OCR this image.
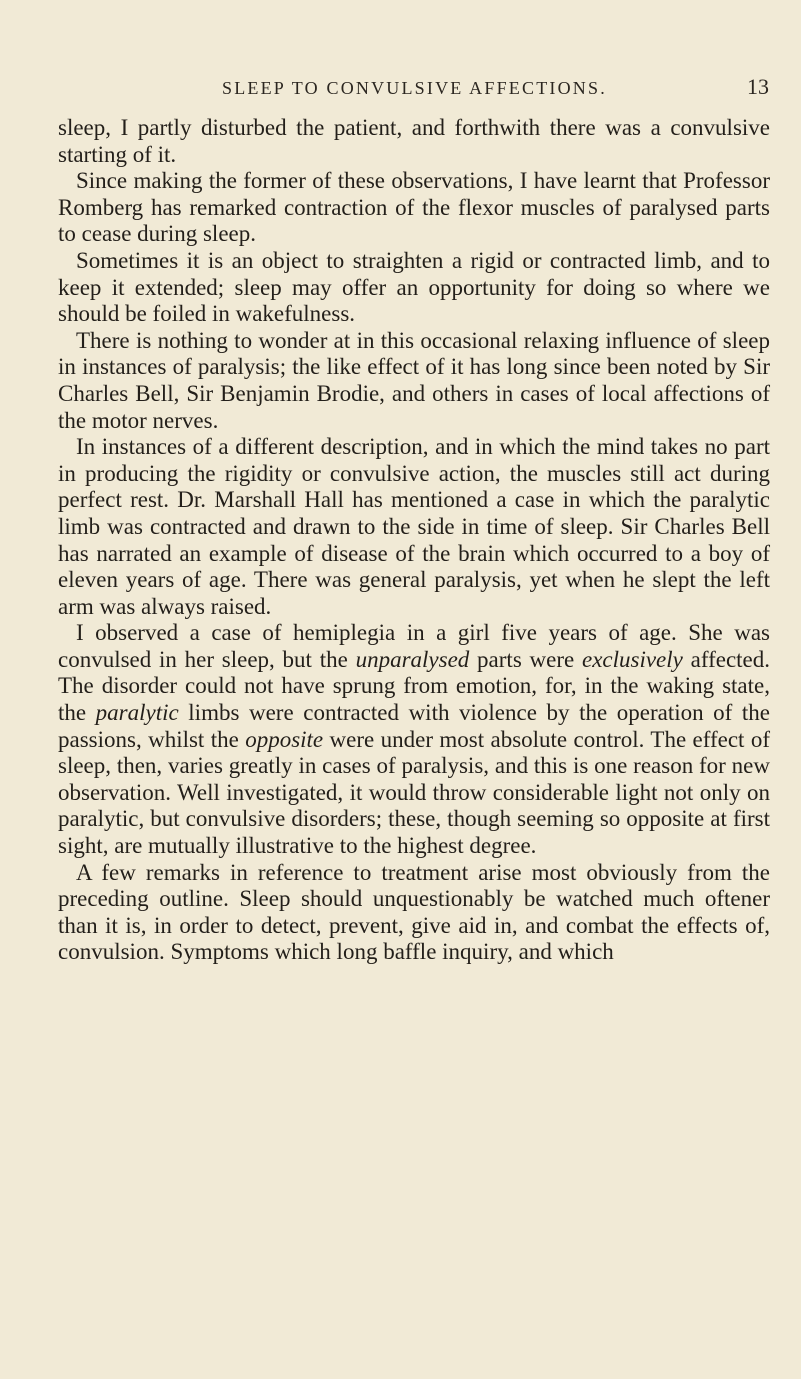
SLEEP TO CONVULSIVE AFFECTIONS.	13

sleep, I partly disturbed the patient, and forthwith there was a convulsive starting of it.

Since making the former of these observations, I have learnt that Professor Romberg has remarked contraction of the flexor muscles of paralysed parts to cease during sleep.

Sometimes it is an object to straighten a rigid or contracted limb, and to keep it extended; sleep may offer an opportunity for doing so where we should be foiled in wakefulness.

There is nothing to wonder at in this occasional relaxing influence of sleep in instances of paralysis; the like effect of it has long since been noted by Sir Charles Bell, Sir Benjamin Brodie, and others in cases of local affections of the motor nerves.

In instances of a different description, and in which the mind takes no part in producing the rigidity or convulsive action, the muscles still act during perfect rest. Dr. Marshall Hall has mentioned a case in which the paralytic limb was contracted and drawn to the side in time of sleep. Sir Charles Bell has narrated an example of disease of the brain which occurred to a boy of eleven years of age. There was general paralysis, yet when he slept the left arm was always raised.

I observed a case of hemiplegia in a girl five years of age. She was convulsed in her sleep, but the unparalysed parts were exclusively affected. The disorder could not have sprung from emotion, for, in the waking state, the paralytic limbs were contracted with violence by the operation of the passions, whilst the opposite were under most absolute control. The effect of sleep, then, varies greatly in cases of paralysis, and this is one reason for new observation. Well investigated, it would throw considerable light not only on paralytic, but convulsive disorders; these, though seeming so opposite at first sight, are mutually illustrative to the highest degree.

A few remarks in reference to treatment arise most obviously from the preceding outline. Sleep should unquestionably be watched much oftener than it is, in order to detect, prevent, give aid in, and combat the effects of, convulsion. Symptoms which long baffle inquiry, and which
